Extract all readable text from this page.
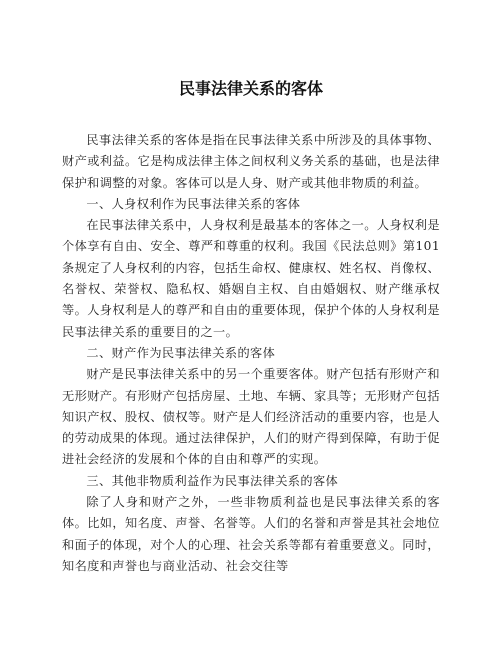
民事法律关系的客体

民事法律关系的客体是指在民事法律关系中所涉及的具体事物、财产或利益。它是构成法律主体之间权利义务关系的基础，也是法律保护和调整的对象。客体可以是人身、财产或其他非物质的利益。

一、人身权利作为民事法律关系的客体

在民事法律关系中，人身权利是最基本的客体之一。人身权利是个体享有自由、安全、尊严和尊重的权利。我国《民法总则》第101条规定了人身权利的内容，包括生命权、健康权、姓名权、肖像权、名誉权、荣誉权、隐私权、婚姻自主权、自由婚姻权、财产继承权等。人身权利是人的尊严和自由的重要体现，保护个体的人身权利是民事法律关系的重要目的之一。

二、财产作为民事法律关系的客体

财产是民事法律关系中的另一个重要客体。财产包括有形财产和无形财产。有形财产包括房屋、土地、车辆、家具等；无形财产包括知识产权、股权、债权等。财产是人们经济活动的重要内容，也是人的劳动成果的体现。通过法律保护，人们的财产得到保障，有助于促进社会经济的发展和个体的自由和尊严的实现。

三、其他非物质利益作为民事法律关系的客体

除了人身和财产之外，一些非物质利益也是民事法律关系的客体。比如，知名度、声誉、名誉等。人们的名誉和声誉是其社会地位和面子的体现，对个人的心理、社会关系等都有着重要意义。同时，知名度和声誉也与商业活动、社会交往等
